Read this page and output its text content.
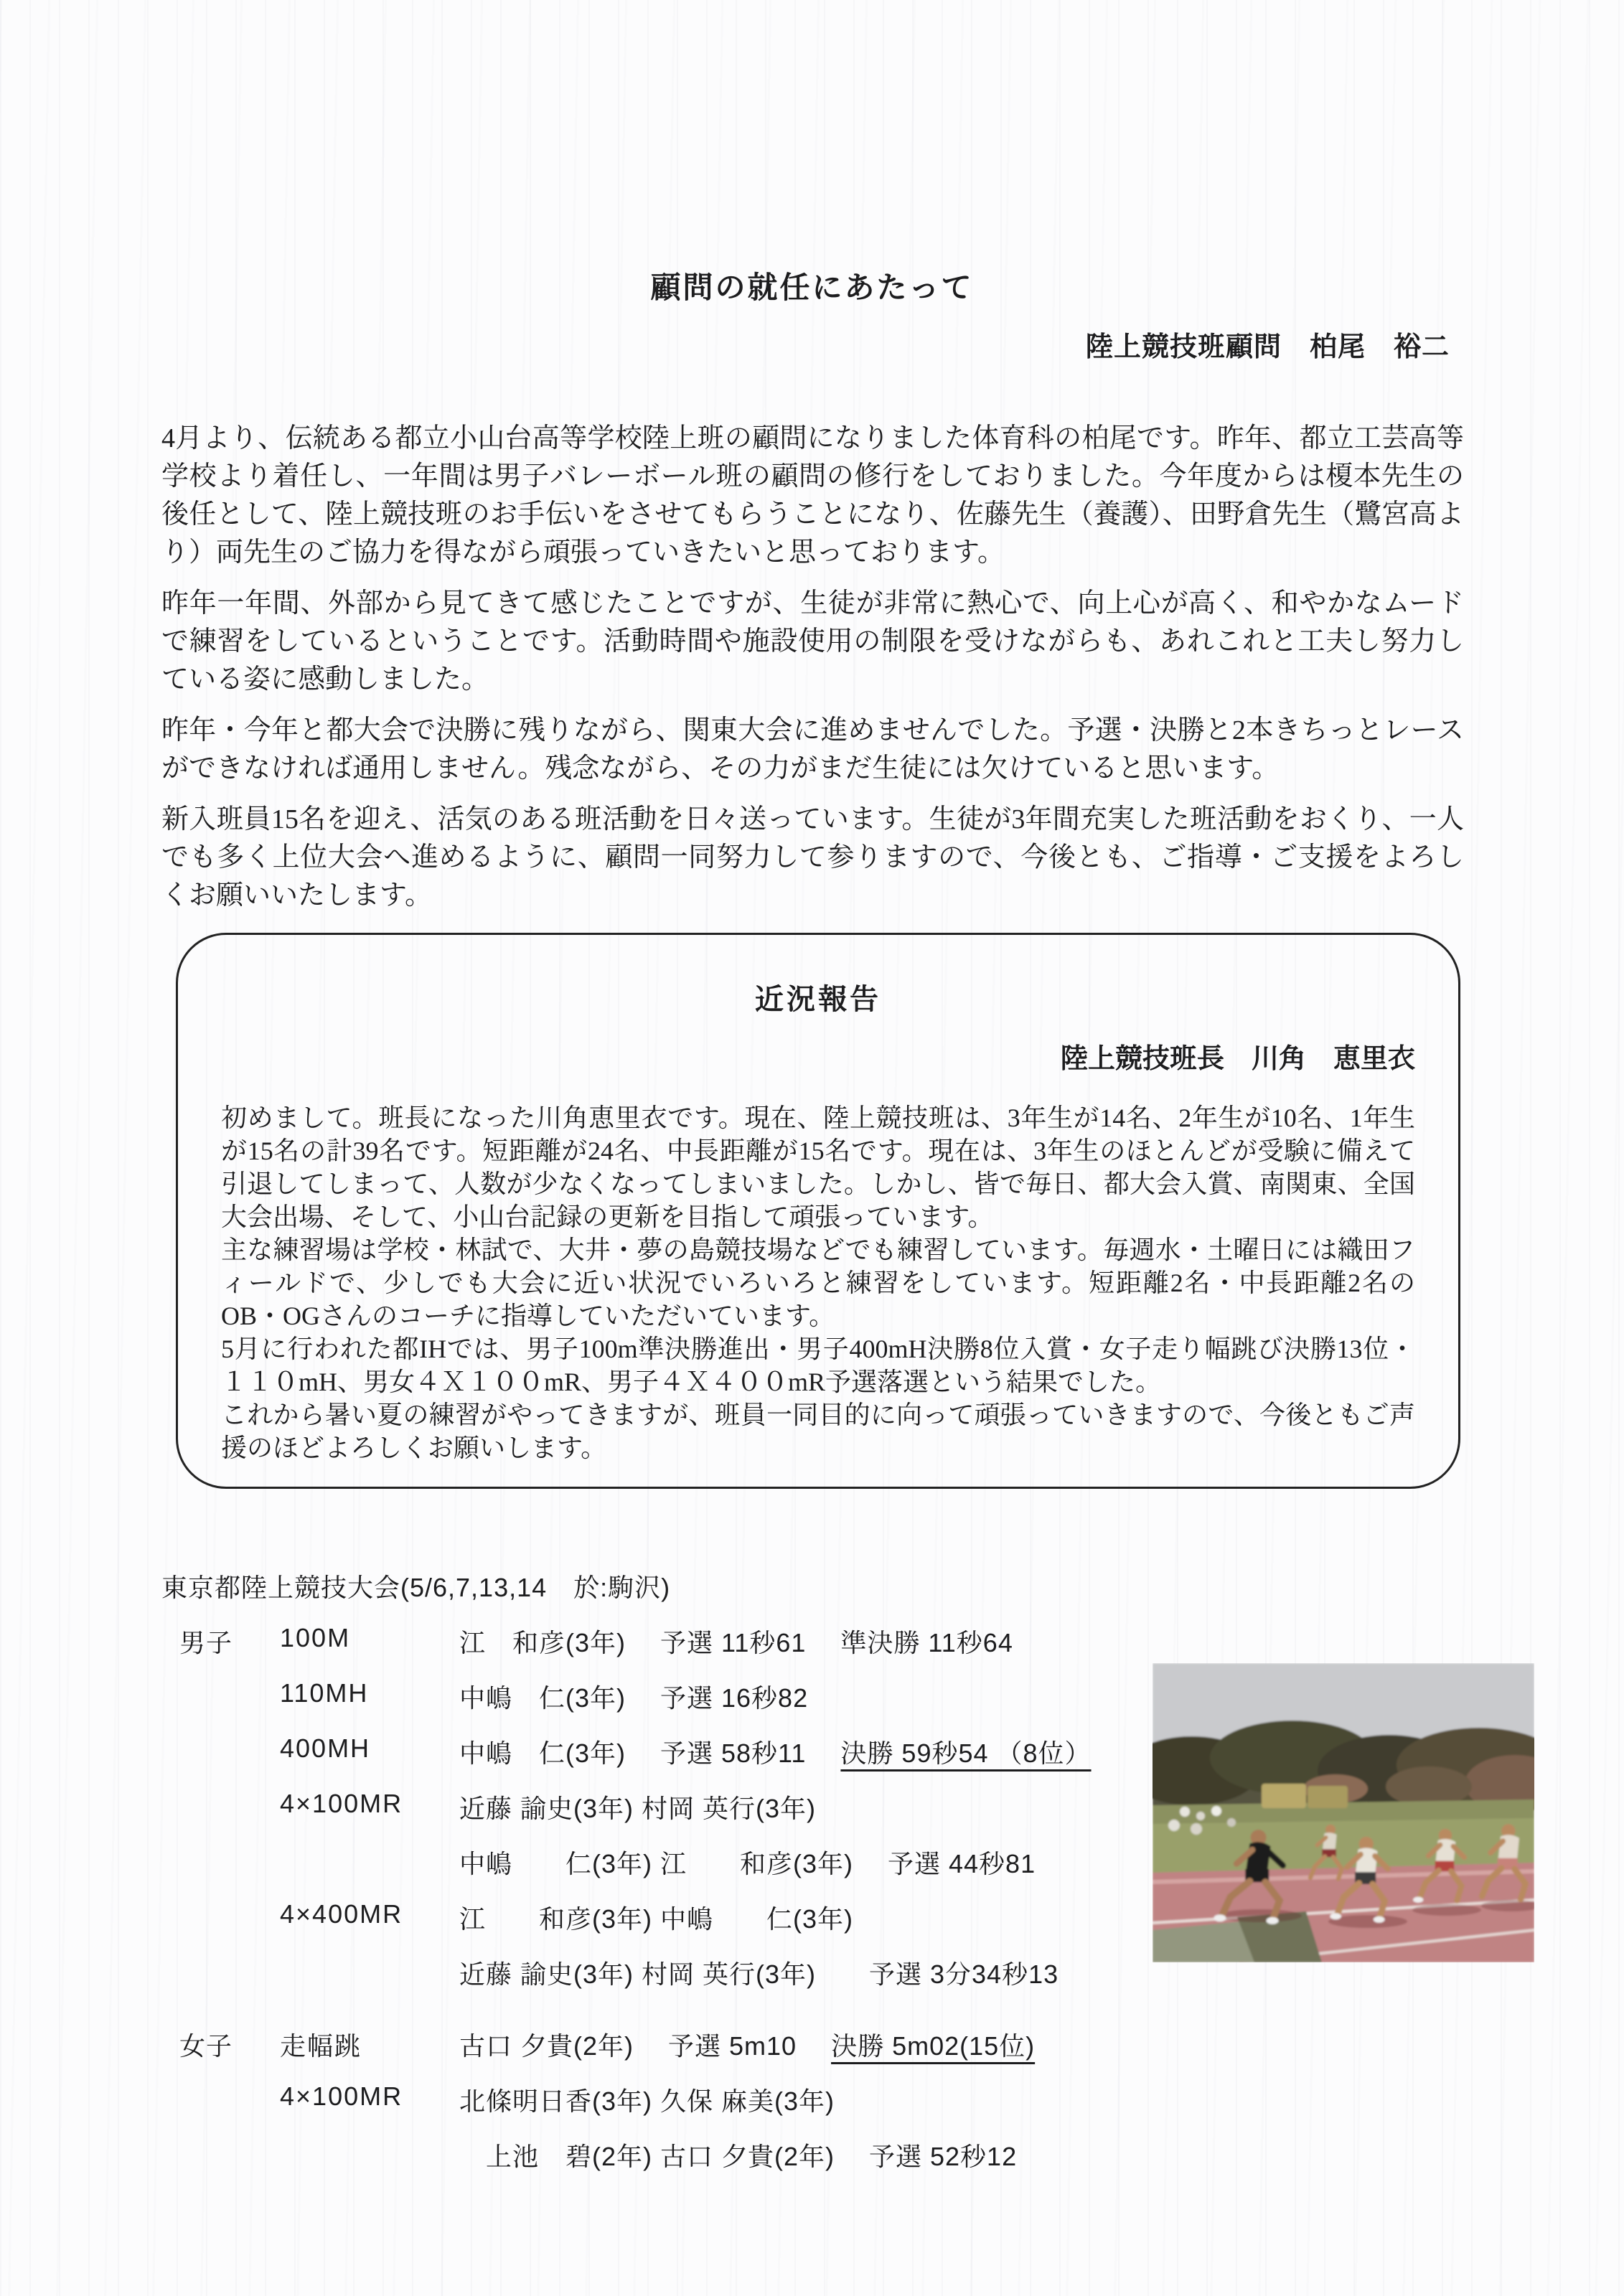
顧問の就任にあたって
陸上競技班顧問　柏尾　裕二

4月より、伝統ある都立小山台高等学校陸上班の顧問になりました体育科の柏尾です。昨年、都立工芸高等学校より着任し、一年間は男子バレーボール班の顧問の修行をしておりました。今年度からは榎本先生の後任として、陸上競技班のお手伝いをさせてもらうことになり、佐藤先生（養護）、田野倉先生（鷺宮高より）両先生のご協力を得ながら頑張っていきたいと思っております。

昨年一年間、外部から見てきて感じたことですが、生徒が非常に熱心で、向上心が高く、和やかなムードで練習をしているということです。活動時間や施設使用の制限を受けながらも、あれこれと工夫し努力している姿に感動しました。

昨年・今年と都大会で決勝に残りながら、関東大会に進めませんでした。予選・決勝と2本きちっとレースができなければ通用しません。残念ながら、その力がまだ生徒には欠けていると思います。

新入班員15名を迎え、活気のある班活動を日々送っています。生徒が3年間充実した班活動をおくり、一人でも多く上位大会へ進めるように、顧問一同努力して参りますので、今後とも、ご指導・ご支援をよろしくお願いいたします。

近況報告
陸上競技班長　川角　恵里衣

初めまして。班長になった川角恵里衣です。現在、陸上競技班は、3年生が14名、2年生が10名、1年生が15名の計39名です。短距離が24名、中長距離が15名です。現在は、3年生のほとんどが受験に備えて引退してしまって、人数が少なくなってしまいました。しかし、皆で毎日、都大会入賞、南関東、全国大会出場、そして、小山台記録の更新を目指して頑張っています。

主な練習場は学校・林試で、大井・夢の島競技場などでも練習しています。毎週水・土曜日には織田フィールドで、少しでも大会に近い状況でいろいろと練習をしています。短距離2名・中長距離2名のOB・OGさんのコーチに指導していただいています。

5月に行われた都IHでは、男子100m準決勝進出・男子400mH決勝8位入賞・女子走り幅跳び決勝13位・１１０mH、男女４Ｘ１００mR、男子４Ｘ４００mR予選落選という結果でした。

これから暑い夏の練習がやってきますが、班員一同目的に向って頑張っていきますので、今後ともご声援のほどよろしくお願いします。

東京都陸上競技大会(5/6,7,13,14　於:駒沢)
男子	100M	江　和彦(3年)　 予選 11秒61　 準決勝 11秒64
110MH	中嶋　仁(3年)　 予選 16秒82
400MH	中嶋　仁(3年)　 予選 58秒11　 決勝 59秒54 （8位）
4×100MR	近藤 諭史(3年) 村岡 英行(3年)
中嶋　　仁(3年) 江　　和彦(3年)　 予選 44秒81
4×400MR	江　　和彦(3年) 中嶋　　仁(3年)
近藤 諭史(3年) 村岡 英行(3年)　　予選 3分34秒13
女子	走幅跳	古口 夕貴(2年)　 予選 5m10　 決勝 5m02(15位)
4×100MR	北條明日香(3年) 久保 麻美(3年)
　上池　碧(2年) 古口 夕貴(2年)　 予選 52秒12
